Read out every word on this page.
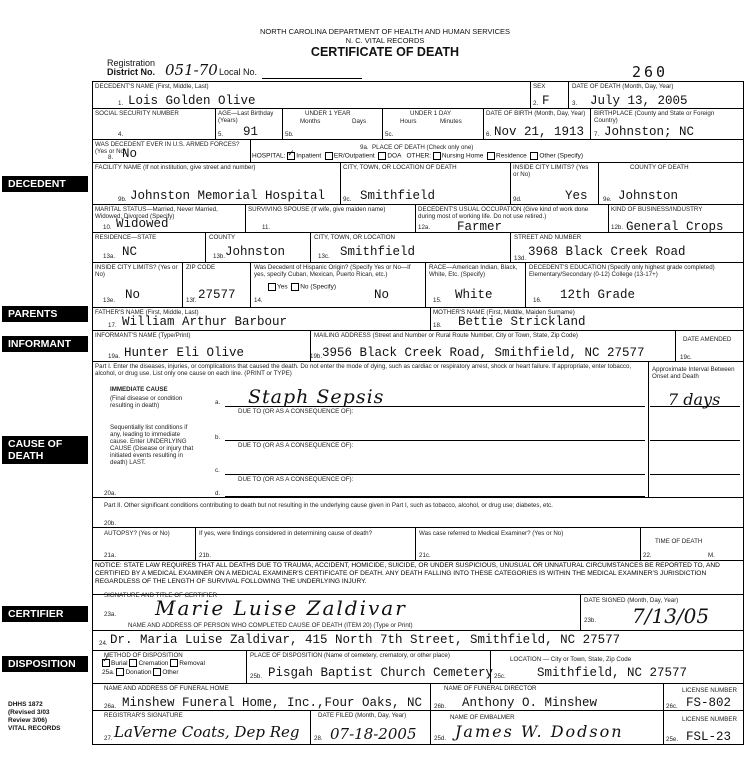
NORTH CAROLINA DEPARTMENT OF HEALTH AND HUMAN SERVICES
N. C. VITAL RECORDS
CERTIFICATE OF DEATH
Registration
District No. 051-70 Local No.	260
DECEDENT
PARENTS
INFORMANT
CAUSE OF DEATH
CERTIFIER
DISPOSITION
DECEDENT'S NAME (First, Middle, Last)
1. Lois Golden Olive
SEX
2. F
DATE OF DEATH (Month, Day, Year)
3. July 13, 2005
SOCIAL SECURITY NUMBER
4.
AGE—Last Birthday (Years)
5. 91
UNDER 1 YEAR
Months	Days
5b.
UNDER 1 DAY
Hours	Minutes
5c.
DATE OF BIRTH (Month, Day, Year)
6. Nov 21, 1913
BIRTHPLACE (County and State or Foreign Country)
7. Johnston; NC
WAS DECEDENT EVER IN U.S. ARMED FORCES? (Yes or No)
8. No	9a. PLACE OF DEATH (Check only one)
HOSPITAL: ✓ Inpatient ER/Outpatient DOA OTHER: Nursing Home Residence Other (Specify)
FACILITY NAME (If not institution, give street and number)
9b. Johnston Memorial Hospital
CITY, TOWN, OR LOCATION OF DEATH
9c. Smithfield
INSIDE CITY LIMITS? (Yes or No)
9d.	Yes
COUNTY OF DEATH
9e. Johnston
MARITAL STATUS—Married, Never Married, Widowed, Divorced (Specify)
10. Widowed
SURVIVING SPOUSE (If wife, give maiden name)
11.
DECEDENT'S USUAL OCCUPATION (Give kind of work done during most of working life. Do not use retired.)
12a. Farmer
KIND OF BUSINESS/INDUSTRY
12b. General Crops
RESIDENCE—STATE
13a. NC
COUNTY
13b. Johnston
CITY, TOWN, OR LOCATION
13c. Smithfield
STREET AND NUMBER
13d. 3968 Black Creek Road
INSIDE CITY LIMITS? (Yes or No)
13e. No
ZIP CODE
13f. 27577
Was Decedent of Hispanic Origin? (Specify Yes or No—If yes, specify Cuban, Mexican, Puerto Rican, etc.)
Yes No (Specify)
14.	No
RACE—American Indian, Black, White, Etc. (Specify)
15. White
DECEDENT'S EDUCATION (Specify only highest grade completed) Elementary/Secondary (0-12) College (13-17+)
16. 12th Grade
FATHER'S NAME (First, Middle, Last)
17. William Arthur Barbour
MOTHER'S NAME (First, Middle, Maiden Surname)
18. Bettie Strickland
INFORMANT'S NAME (Type/Print)
19a. Hunter Eli Olive
MAILING ADDRESS (Street and Number or Rural Route Number, City or Town, State, Zip Code)
19b. 3956 Black Creek Road, Smithfield, NC 27577
DATE AMENDED
19c.
Part I. Enter the diseases, injuries, or complications that caused the death. Do not enter the mode of dying, such as cardiac or respiratory arrest, shock or heart failure. If appropriate, enter tobacco, alcohol, or drug use. List only one cause on each line. (PRINT or TYPE)
Approximate Interval Between Onset and Death
IMMEDIATE CAUSE
(Final disease or condition resulting in death)	a. Staph Sepsis	7 days
DUE TO (OR AS A CONSEQUENCE OF):
Sequentially list conditions if any, leading to immediate cause. Enter UNDERLYING CAUSE (Disease or injury that initiated events resulting in death) LAST.
b.
DUE TO (OR AS A CONSEQUENCE OF):
c.
DUE TO (OR AS A CONSEQUENCE OF):
20a.	d.
Part II. Other significant conditions contributing to death but not resulting in the underlying cause given in Part I, such as tobacco, alcohol, or drug use; diabetes, etc.
20b.
AUTOPSY? (Yes or No)
21a.
If yes, were findings considered in determining cause of death?
21b.
Was case referred to Medical Examiner? (Yes or No)
21c.
TIME OF DEATH
22.	M.
NOTICE: STATE LAW REQUIRES THAT ALL DEATHS DUE TO TRAUMA, ACCIDENT, HOMICIDE, SUICIDE, OR UNDER SUSPICIOUS, UNUSUAL OR UNNATURAL CIRCUMSTANCES BE REPORTED TO, AND CERTIFIED BY A MEDICAL EXAMINER ON A MEDICAL EXAMINER'S CERTIFICATE OF DEATH. ANY DEATH FALLING INTO THESE CATEGORIES IS WITHIN THE MEDICAL EXAMINER'S JURISDICTION REGARDLESS OF THE LENGTH OF SURVIVAL FOLLOWING THE UNDERLYING INJURY.
SIGNATURE AND TITLE OF CERTIFIER
23a. Marie Luise Zaldivar	DATE SIGNED (Month, Day, Year)
23b. 7/13/05
NAME AND ADDRESS OF PERSON WHO COMPLETED CAUSE OF DEATH (ITEM 20) (Type or Print)
24. Dr. Maria Luise Zaldivar, 415 North 7th Street, Smithfield, NC 27577
METHOD OF DISPOSITION
✓Burial Cremation Removal
25a. Donation Other
PLACE OF DISPOSITION (Name of cemetery, crematory, or other place)
25b. Pisgah Baptist Church Cemetery
LOCATION — City or Town, State, Zip Code
25c.	Smithfield, NC 27577
NAME AND ADDRESS OF FUNERAL HOME
26a. Minshew Funeral Home, Inc.,Four Oaks, NC
NAME OF FUNERAL DIRECTOR
26b. Anthony O. Minshew
LICENSE NUMBER
26c. FS-802
REGISTRAR'S SIGNATURE
27. LaVerne Coats, Dep Reg
DATE FILED (Month, Day, Year)
28. 07-18-2005
NAME OF EMBALMER
25d. James W. Dodson
LICENSE NUMBER
25e. FSL-23
DHHS 1872
(Revised 3/03
Review 3/06)
VITAL RECORDS
